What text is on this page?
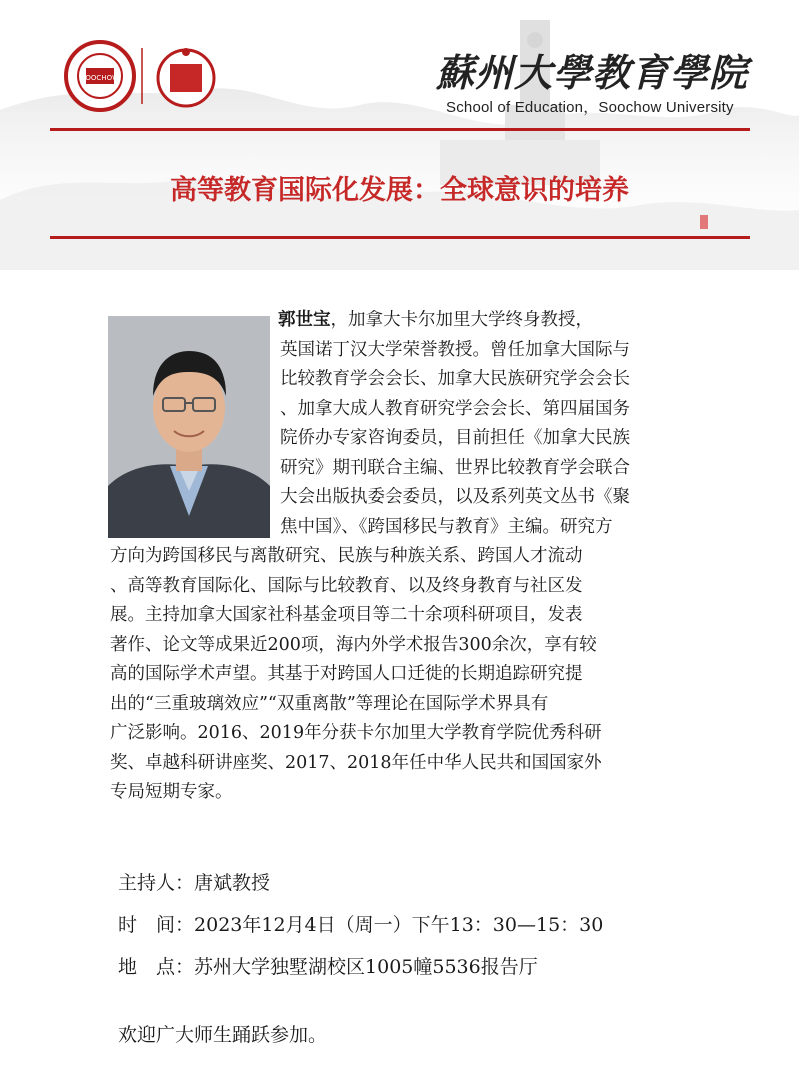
SOOCHOW	蘇州大學教育學院
School of Education，Soochow University
高等教育国际化发展：全球意识的培养
郭世宝，加拿大卡尔加里大学终身教授，
英国诺丁汉大学荣誉教授。曾任加拿大国际与
比较教育学会会长、加拿大民族研究学会会长
、加拿大成人教育研究学会会长、第四届国务
院侨办专家咨询委员，目前担任《加拿大民族
研究》期刊联合主编、世界比较教育学会联合
大会出版执委会委员，以及系列英文丛书《聚
焦中国》、《跨国移民与教育》主编。研究方
方向为跨国移民与离散研究、民族与种族关系、跨国人才流动
、高等教育国际化、国际与比较教育、以及终身教育与社区发
展。主持加拿大国家社科基金项目等二十余项科研项目，发表
著作、论文等成果近200项，海内外学术报告300余次，享有较
高的国际学术声望。其基于对跨国人口迁徙的长期追踪研究提
出的“三重玻璃效应”“双重离散”等理论在国际学术界具有
广泛影响。2016、2019年分获卡尔加里大学教育学院优秀科研
奖、卓越科研讲座奖、2017、2018年任中华人民共和国国家外
专局短期专家。
主持人：唐斌教授
时　间：2023年12月4日（周一）下午13：30—15：30
地　点：苏州大学独墅湖校区1005幢5536报告厅
欢迎广大师生踊跃参加。
